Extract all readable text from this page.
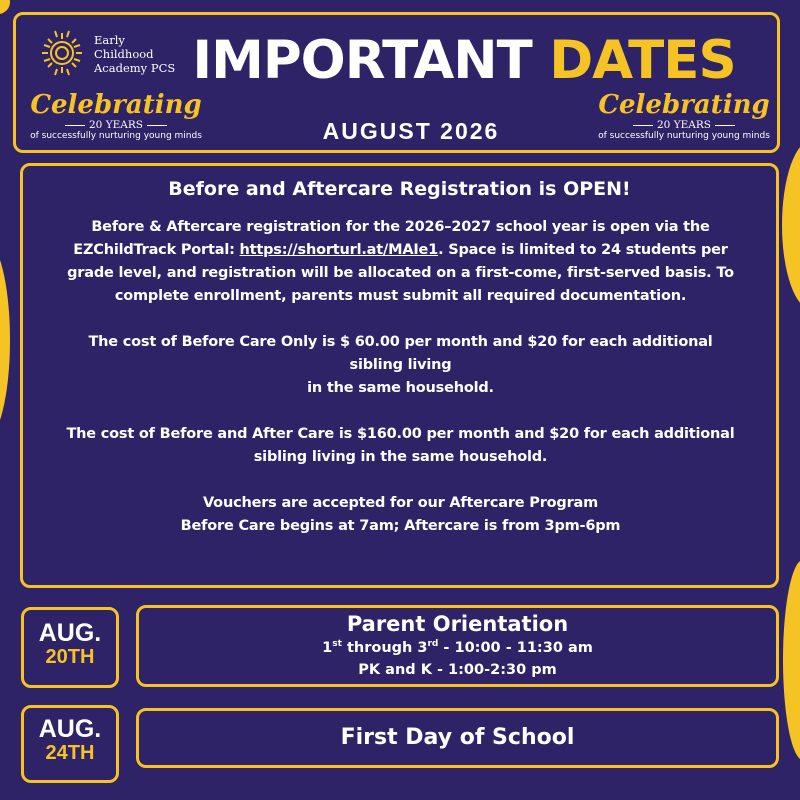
Early
Childhood
Academy PCS
Celebrating
20 YEARS
of successfully nurturing young minds
IMPORTANT DATES
AUGUST 2026
Celebrating
20 YEARS
of successfully nurturing young minds
Before and Aftercare Registration is OPEN!

Before & Aftercare registration for the 2026–2027 school year is open via the EZChildTrack Portal: https://shorturl.at/MAIe1. Space is limited to 24 students per grade level, and registration will be allocated on a first-come, first-served basis. To complete enrollment, parents must submit all required documentation.

The cost of Before Care Only is $ 60.00 per month and $20 for each additional sibling living
in the same household.

The cost of Before and After Care is $160.00 per month and $20 for each additional sibling living in the same household.

Vouchers are accepted for our Aftercare Program
Before Care begins at 7am; Aftercare is from 3pm-6pm

AUG.
20TH
Parent Orientation
1st through 3rd - 10:00 - 11:30 am
PK and K - 1:00-2:30 pm
AUG.
24TH
First Day of School
